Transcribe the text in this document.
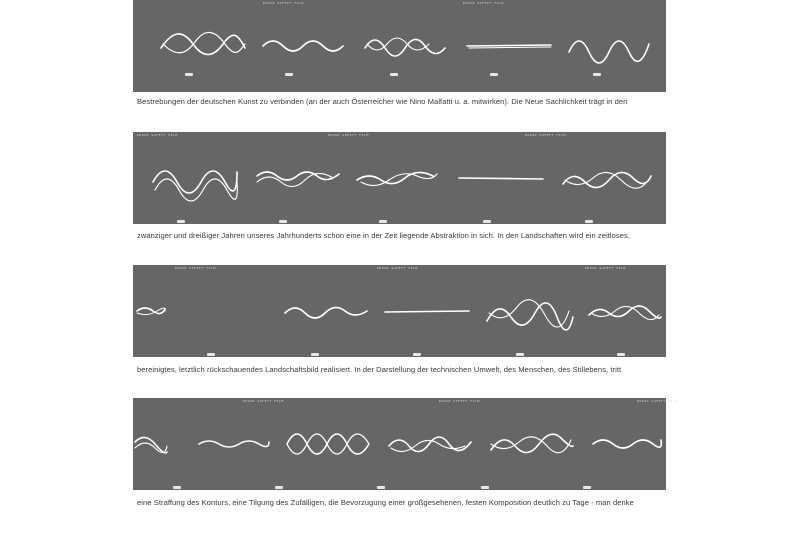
KODAK SAFETY FILM	KODAK SAFETY FILM
Bestrebungen der deutschen Kunst zu verbinden (an der auch Österreicher wie Nino Malfatti u. a. mitwirken). Die Neue Sachlichkeit trägt in den
KODAK SAFETY FILM	KODAK SAFETY FILM	KODAK SAFETY FILM
zwanziger und dreißiger Jahren unseres Jahrhunderts schon eine in der Zeit liegende Abstraktion in sich. In den Landschaften wird ein zeitloses,
KODAK SAFETY FILM	KODAK SAFETY FILM	KODAK SAFETY FILM
bereinigtes, letztlich rückschauendes Landschaftsbild realisiert. In der Darstellung der technischen Umwelt, des Menschen, des Stillebens, tritt
KODAK SAFETY FILM	KODAK SAFETY FILM	KODAK SAFETY FILM
eine Straffung des Konturs, eine Tilgung des Zufälligen, die Bevorzugung einer großgesehenen, festen Komposition deutlich zu Tage - man denke
